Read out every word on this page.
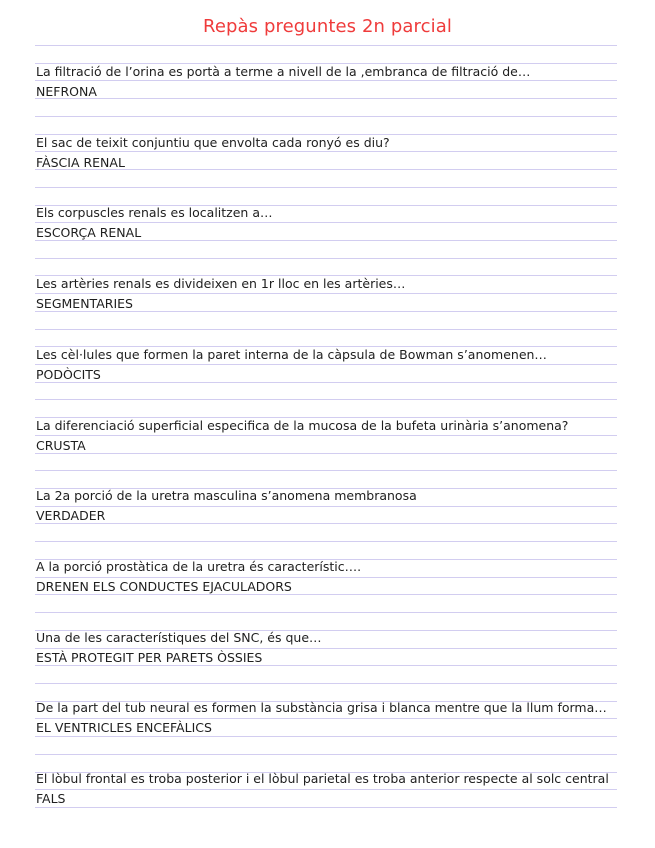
Repàs preguntes 2n parcial
La filtració de l’orina es portà a terme a nivell de la ,embranca de filtració de…
NEFRONA
El sac de teixit conjuntiu que envolta cada ronyó es diu?
FÀSCIA RENAL
Els corpuscles renals es localitzen a…
ESCORÇA RENAL
Les artèries renals es divideixen en 1r lloc en les artèries…
SEGMENTARIES
Les cèl·lules que formen la paret interna de la càpsula de Bowman s’anomenen…
PODÒCITS
La diferenciació superficial especifica de la mucosa de la bufeta urinària s’anomena?
CRUSTA
La 2a porció de la uretra masculina s’anomena membranosa
VERDADER
A la porció prostàtica de la uretra és característic….
DRENEN ELS CONDUCTES EJACULADORS
Una de les característiques del SNC, és que…
ESTÀ PROTEGIT PER PARETS ÒSSIES
De la part del tub neural es formen la substància grisa i blanca mentre que la llum forma…
EL VENTRICLES ENCEFÀLICS
El lòbul frontal es troba posterior i el lòbul parietal es troba anterior respecte al solc central
FALS
